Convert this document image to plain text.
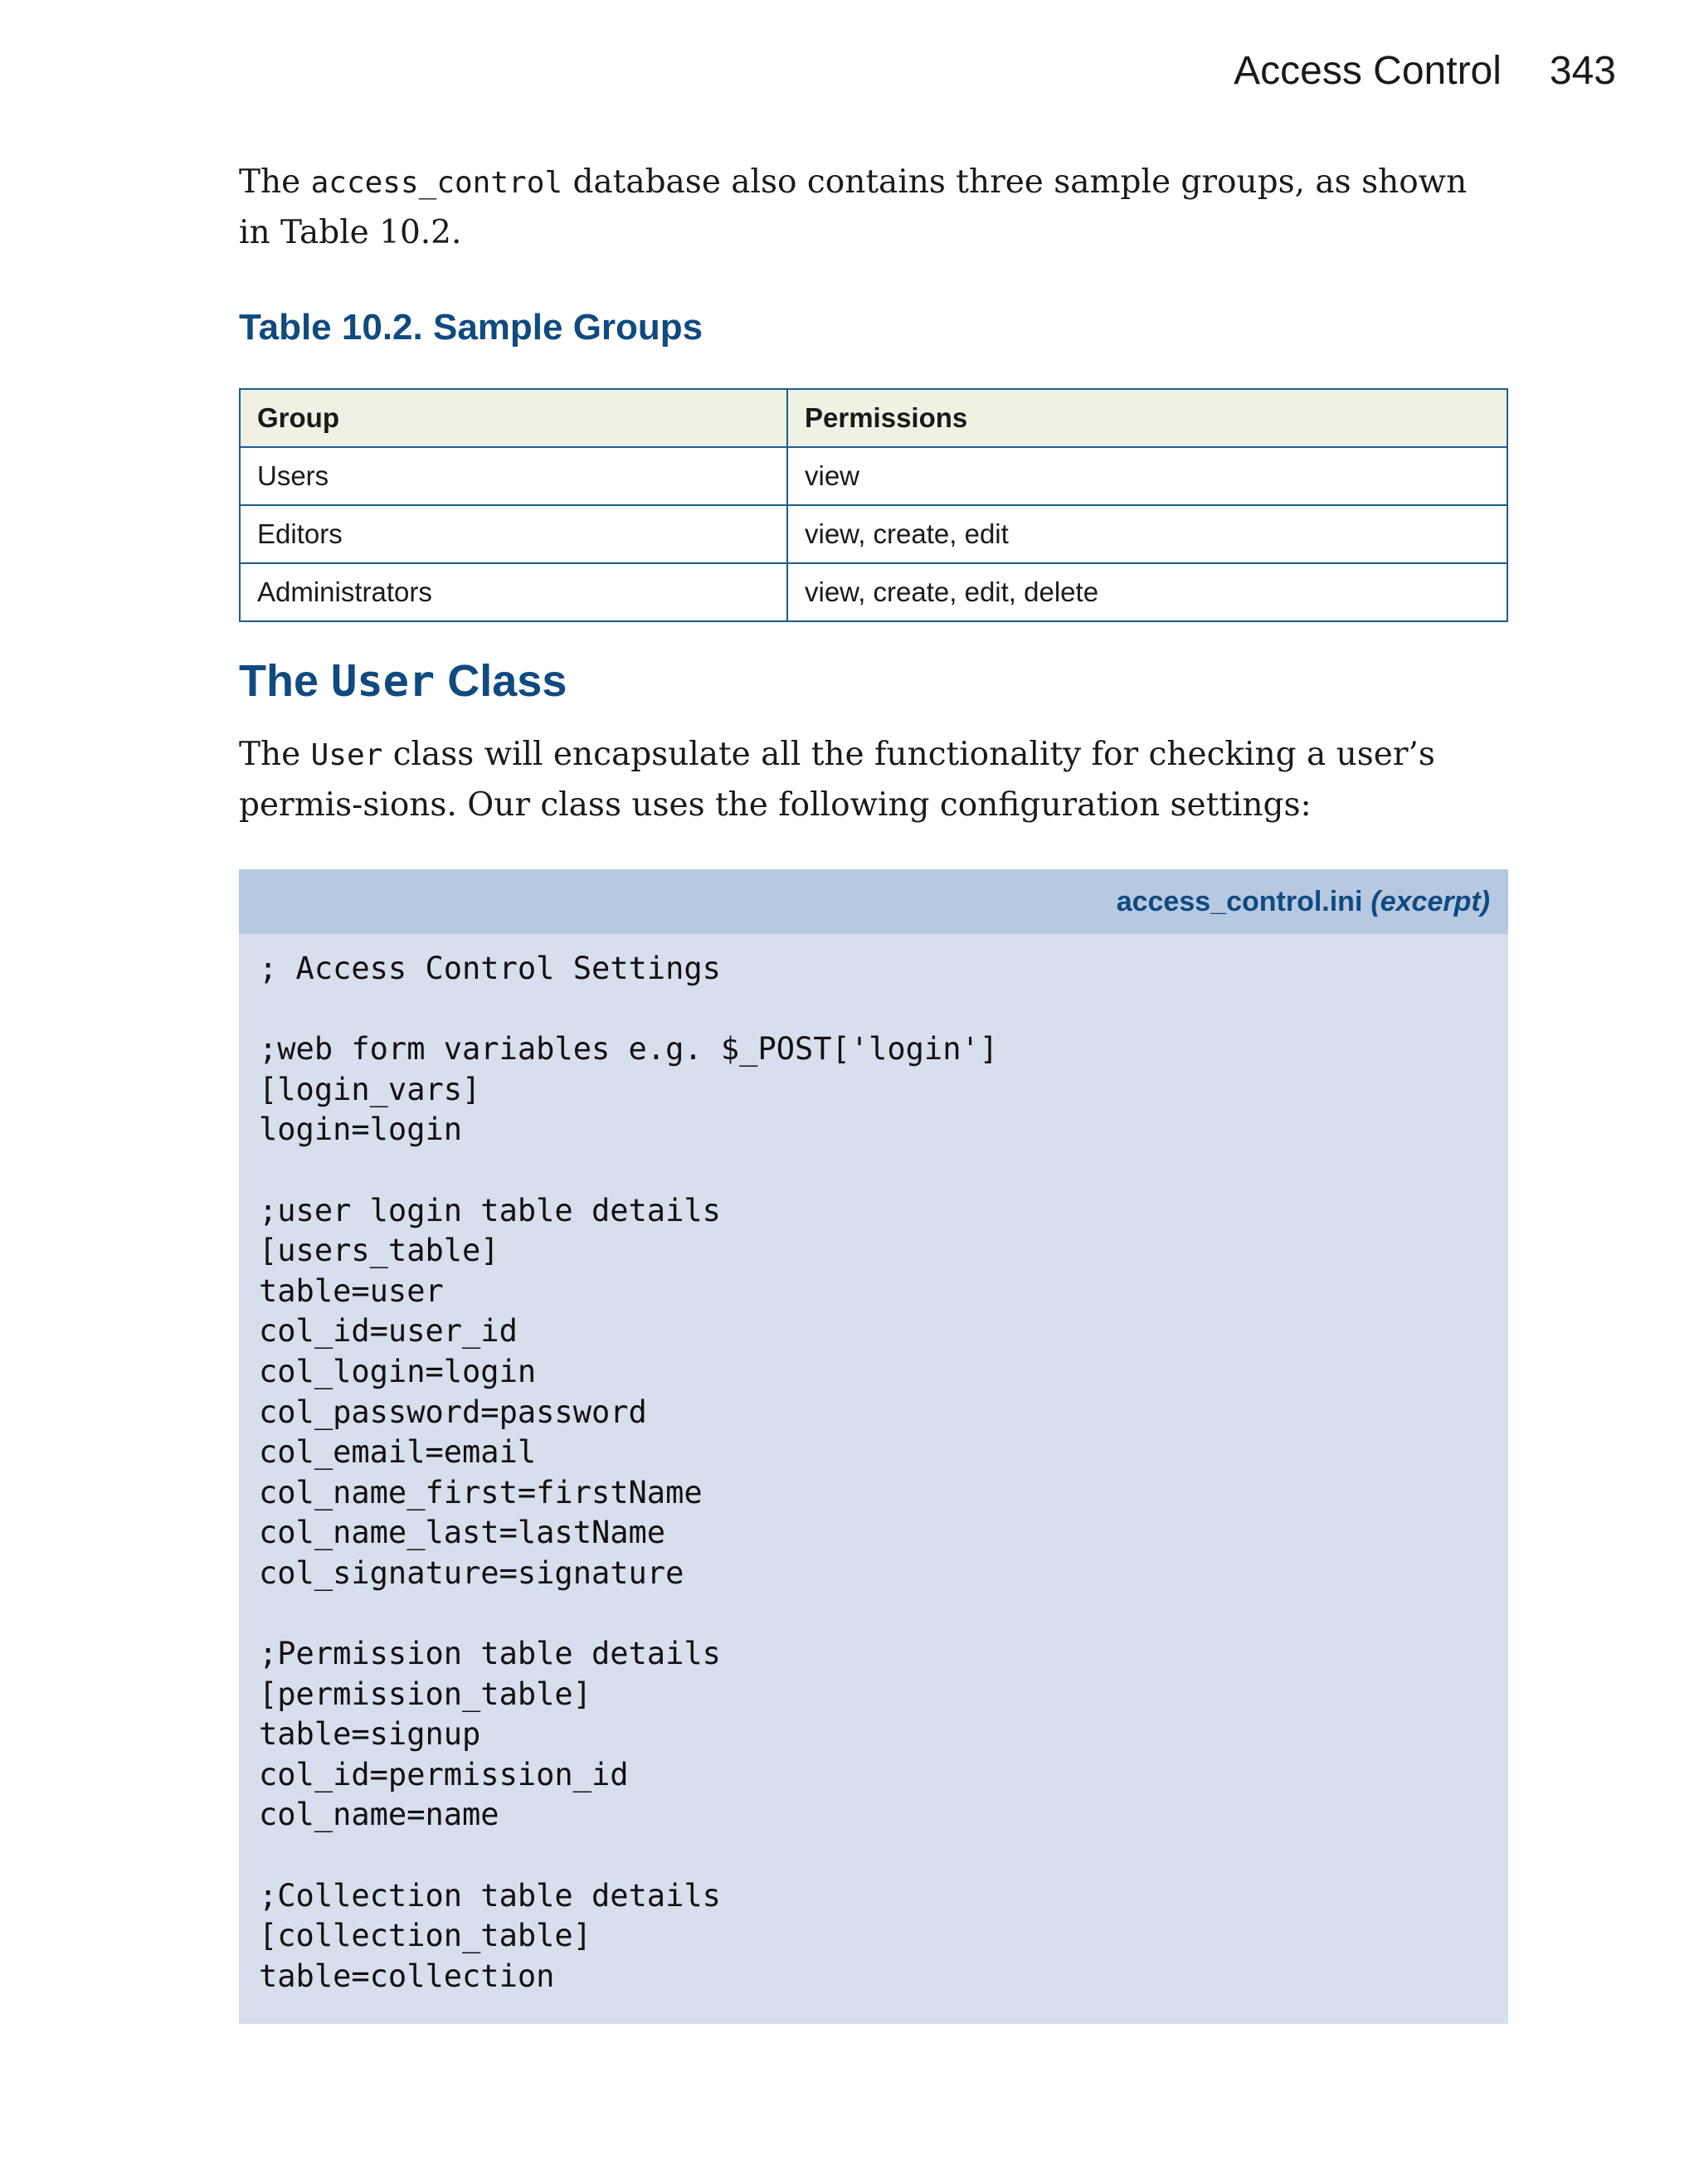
Access Control 343

The access_control database also contains three sample groups, as shown in Table 10.2.

Table 10.2. Sample Groups
Group	Permissions
Users	view
Editors	view, create, edit
Administrators	view, create, edit, delete
The User Class

The User class will encapsulate all the functionality for checking a user’s permis-sions. Our class uses the following configuration settings:

access_control.ini (excerpt)
; Access Control Settings

;web form variables e.g. $_POST['login']
[login_vars]
login=login

;user login table details
[users_table]
table=user
col_id=user_id
col_login=login
col_password=password
col_email=email
col_name_first=firstName
col_name_last=lastName
col_signature=signature

;Permission table details
[permission_table]
table=signup
col_id=permission_id
col_name=name

;Collection table details
[collection_table]
table=collection
